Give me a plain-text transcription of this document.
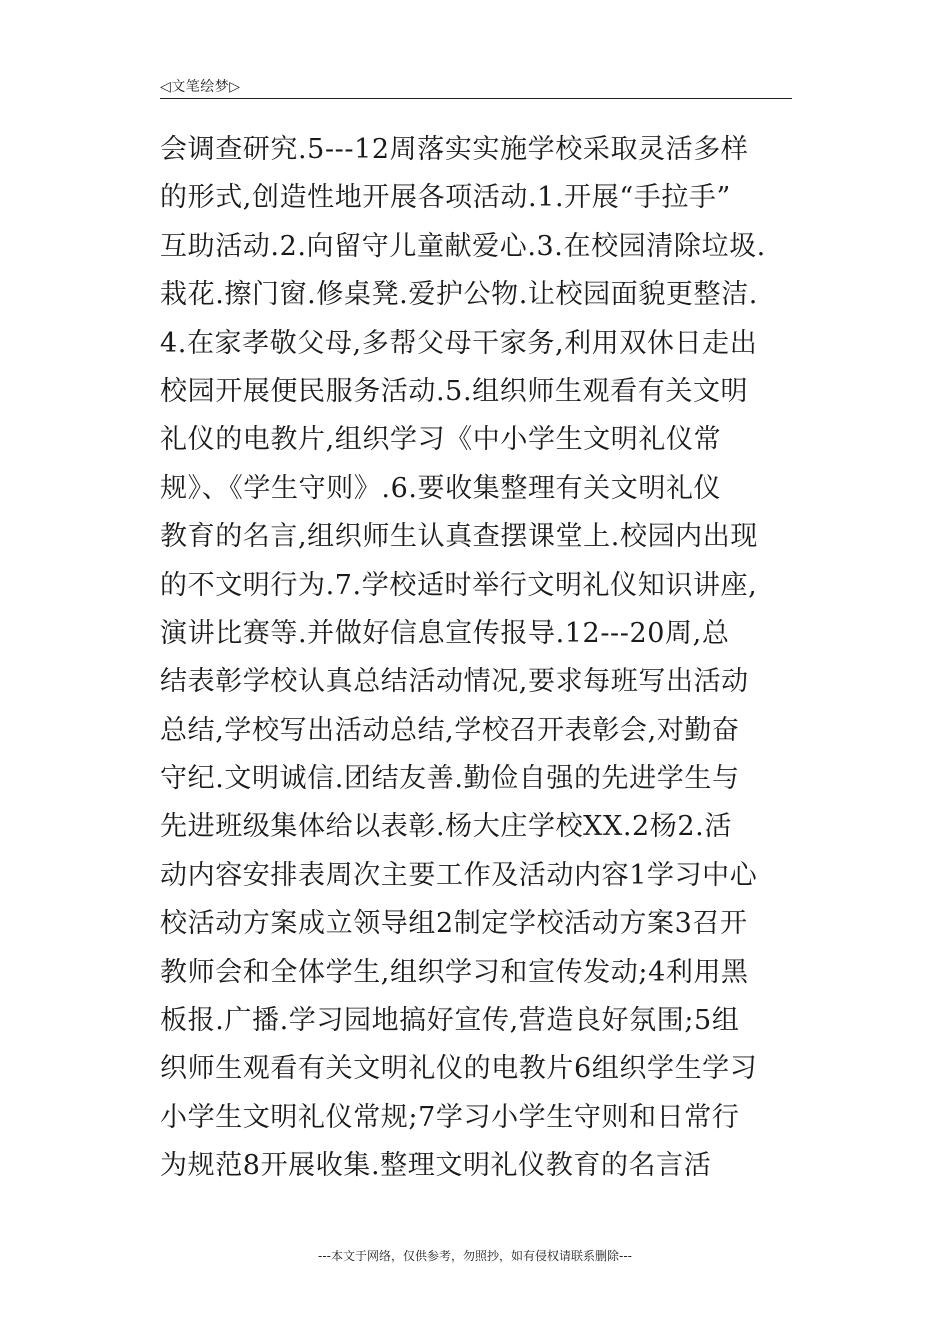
◁文笔绘梦▷
会调查研究.5---12周落实实施学校采取灵活多样
的形式,创造性地开展各项活动.1.开展“手拉手”
互助活动.2.向留守儿童献爱心.3.在校园清除垃圾.
栽花.擦门窗.修桌凳.爱护公物.让校园面貌更整洁.
4.在家孝敬父母,多帮父母干家务,利用双休日走出
校园开展便民服务活动.5.组织师生观看有关文明
礼仪的电教片,组织学习《中小学生文明礼仪常
规》、《学生守则》.6.要收集整理有关文明礼仪
教育的名言,组织师生认真查摆课堂上.校园内出现
的不文明行为.7.学校适时举行文明礼仪知识讲座,
演讲比赛等.并做好信息宣传报导.12---20周,总
结表彰学校认真总结活动情况,要求每班写出活动
总结,学校写出活动总结,学校召开表彰会,对勤奋
守纪.文明诚信.团结友善.勤俭自强的先进学生与
先进班级集体给以表彰.杨大庄学校XX.2杨2.活
动内容安排表周次主要工作及活动内容1学习中心
校活动方案成立领导组2制定学校活动方案3召开
教师会和全体学生,组织学习和宣传发动;4利用黑
板报.广播.学习园地搞好宣传,营造良好氛围;5组
织师生观看有关文明礼仪的电教片6组织学生学习
小学生文明礼仪常规;7学习小学生守则和日常行
为规范8开展收集.整理文明礼仪教育的名言活
---本文于网络，仅供参考，勿照抄，如有侵权请联系删除---
